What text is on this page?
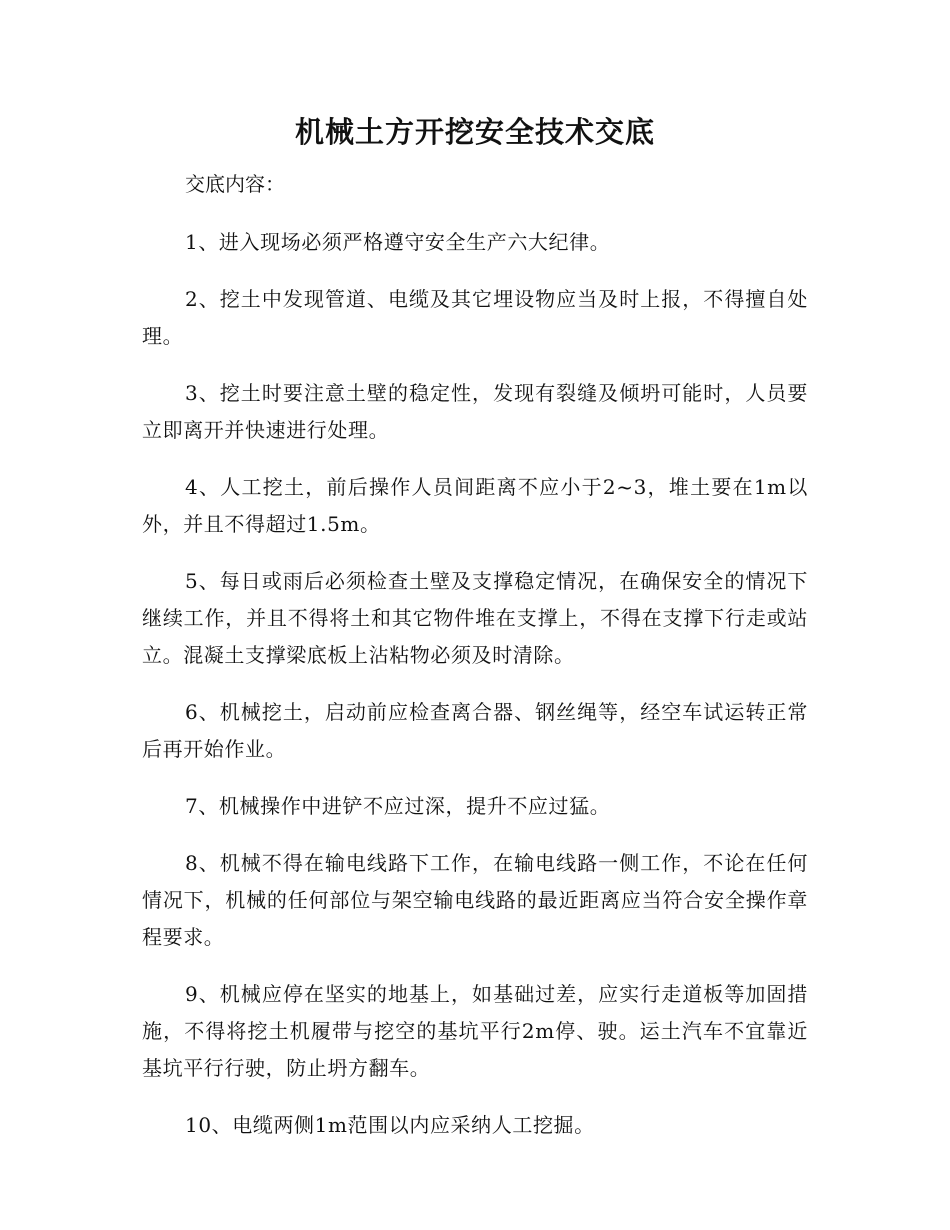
机械土方开挖安全技术交底
交底内容：

1、进入现场必须严格遵守安全生产六大纪律。

2、挖土中发现管道、电缆及其它埋设物应当及时上报，不得擅自处理。

3、挖土时要注意土壁的稳定性，发现有裂缝及倾坍可能时，人员要立即离开并快速进行处理。

4、人工挖土，前后操作人员间距离不应小于2~3，堆土要在1m以外，并且不得超过1.5m。

5、每日或雨后必须检查土壁及支撑稳定情况，在确保安全的情况下继续工作，并且不得将土和其它物件堆在支撑上，不得在支撑下行走或站立。混凝土支撑梁底板上沾粘物必须及时清除。

6、机械挖土，启动前应检查离合器、钢丝绳等，经空车试运转正常后再开始作业。

7、机械操作中进铲不应过深，提升不应过猛。

8、机械不得在输电线路下工作，在输电线路一侧工作，不论在任何情况下，机械的任何部位与架空输电线路的最近距离应当符合安全操作章程要求。

9、机械应停在坚实的地基上，如基础过差，应实行走道板等加固措施，不得将挖土机履带与挖空的基坑平行2m停、驶。运土汽车不宜靠近基坑平行行驶，防止坍方翻车。

10、电缆两侧1m范围以内应采纳人工挖掘。
